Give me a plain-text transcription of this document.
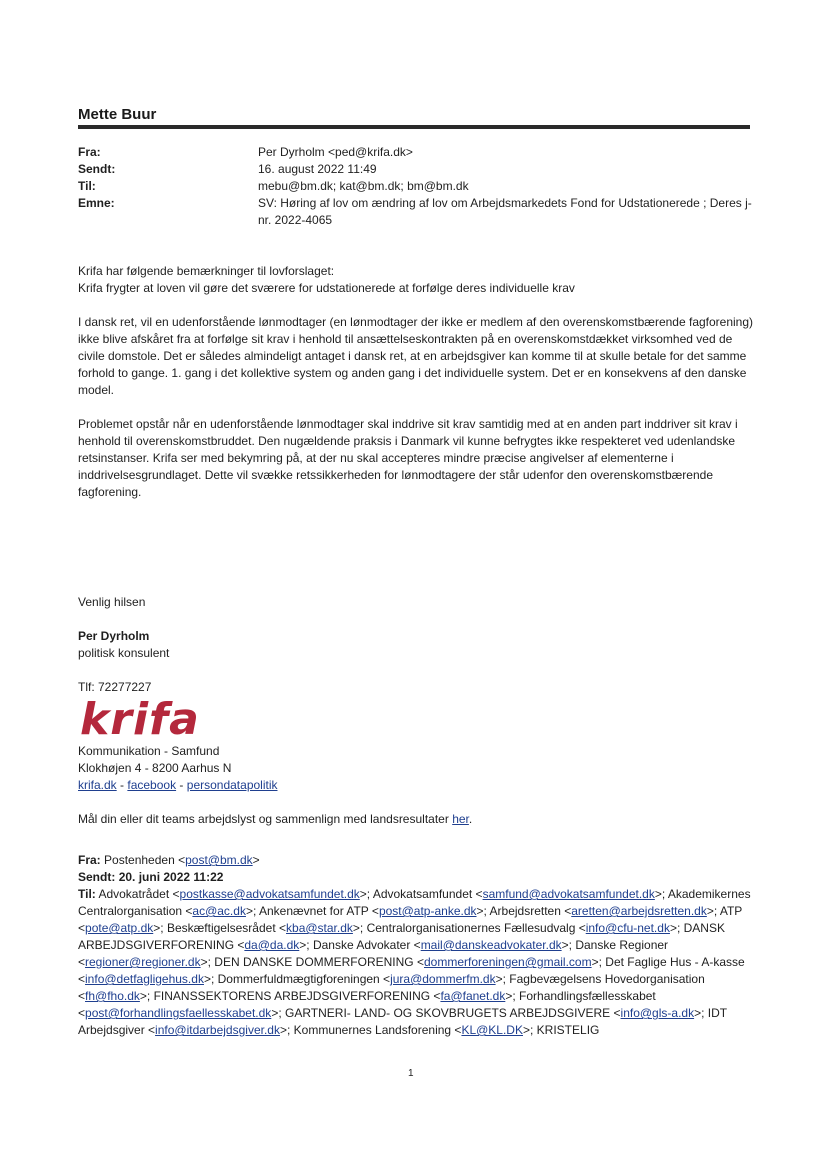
Mette Buur
Fra:	Per Dyrholm <ped@krifa.dk>
Sendt:	16. august 2022 11:49
Til:	mebu@bm.dk; kat@bm.dk; bm@bm.dk
Emne:	SV: Høring af lov om ændring af lov om Arbejdsmarkedets Fond for Udstationerede ; Deres j-nr. 2022-4065

Krifa har følgende bemærkninger til lovforslaget:
Krifa frygter at loven vil gøre det sværere for udstationerede at forfølge deres individuelle krav

I dansk ret, vil en udenforstående lønmodtager (en lønmodtager der ikke er medlem af den overenskomstbærende fagforening) ikke blive afskåret fra at forfølge sit krav i henhold til ansættelseskontrakten på en overenskomstdækket virksomhed ved de civile domstole. Det er således almindeligt antaget i dansk ret, at en arbejdsgiver kan komme til at skulle betale for det samme forhold to gange. 1. gang i det kollektive system og anden gang i det individuelle system. Det er en konsekvens af den danske model.

Problemet opstår når en udenforstående lønmodtager skal inddrive sit krav samtidig med at en anden part inddriver sit krav i henhold til overenskomstbruddet. Den nugældende praksis i Danmark vil kunne befrygtes ikke respekteret ved udenlandske retsinstanser. Krifa ser med bekymring på, at der nu skal accepteres mindre præcise angivelser af elementerne i inddrivelsesgrundlaget. Dette vil svække retssikkerheden for lønmodtagere der står udenfor den overenskomstbærende fagforening.

Venlig hilsen

Per Dyrholm

politisk konsulent

Tlf: 72277227

krifa
Kommunikation - Samfund
Klokhøjen 4 - 8200 Aarhus N
krifa.dk - facebook - persondatapolitik
Mål din eller dit teams arbejdslyst og sammenlign med landsresultater her.

Fra: Postenheden <post@bm.dk>

Sendt: 20. juni 2022 11:22

Til: Advokatrådet <postkasse@advokatsamfundet.dk>; Advokatsamfundet <samfund@advokatsamfundet.dk>; Akademikernes Centralorganisation <ac@ac.dk>; Ankenævnet for ATP <post@atp-anke.dk>; Arbejdsretten <aretten@arbejdsretten.dk>; ATP <pote@atp.dk>; Beskæftigelsesrådet <kba@star.dk>; Centralorganisationernes Fællesudvalg <info@cfu-net.dk>; DANSK ARBEJDSGIVERFORENING <da@da.dk>; Danske Advokater <mail@danskeadvokater.dk>; Danske Regioner <regioner@regioner.dk>; DEN DANSKE DOMMERFORENING <dommerforeningen@gmail.com>; Det Faglige Hus - A-kasse <info@detfagligehus.dk>; Dommerfuldmægtigforeningen <jura@dommerfm.dk>; Fagbevægelsens Hovedorganisation <fh@fho.dk>; FINANSSEKTORENS ARBEJDSGIVERFORENING <fa@fanet.dk>; Forhandlingsfællesskabet <post@forhandlingsfaellesskabet.dk>; GARTNERI- LAND- OG SKOVBRUGETS ARBEJDSGIVERE <info@gls-a.dk>; IDT Arbejdsgiver <info@itdarbejdsgiver.dk>; Kommunernes Landsforening <KL@KL.DK>; KRISTELIG

1
